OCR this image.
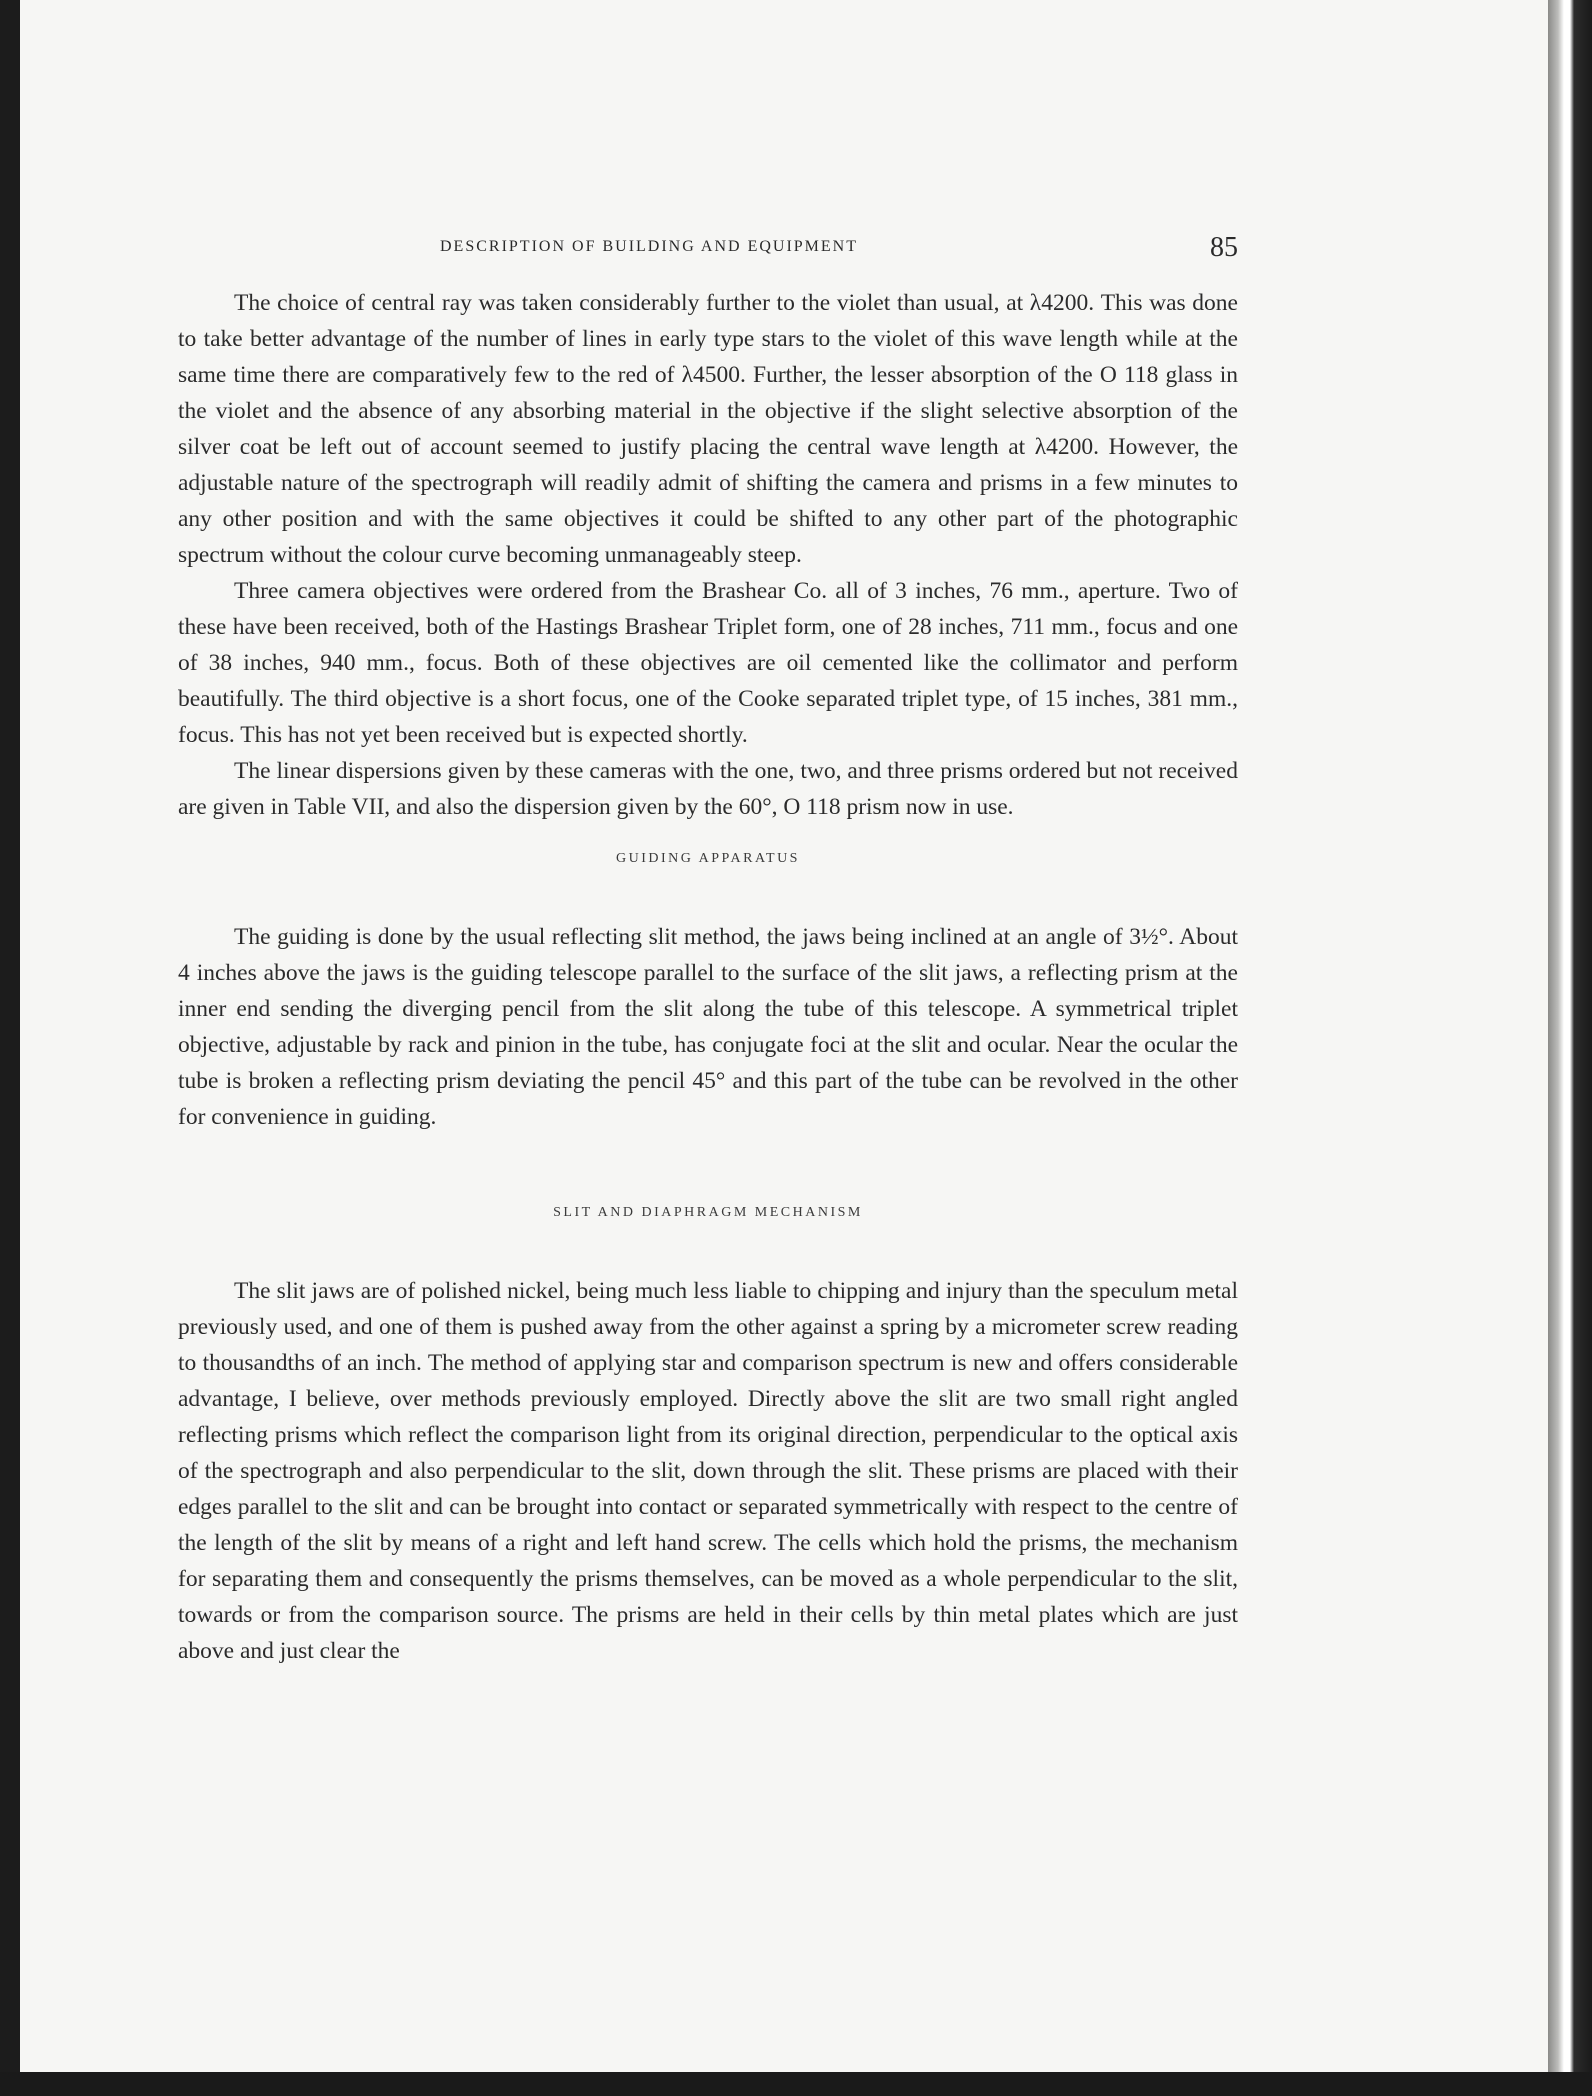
DESCRIPTION OF BUILDING AND EQUIPMENT	85

The choice of central ray was taken considerably further to the violet than usual, at λ4200. This was done to take better advantage of the number of lines in early type stars to the violet of this wave length while at the same time there are comparatively few to the red of λ4500. Further, the lesser absorption of the O 118 glass in the violet and the absence of any absorbing material in the objective if the slight selective absorption of the silver coat be left out of account seemed to justify placing the central wave length at λ4200. However, the adjustable nature of the spectrograph will readily admit of shifting the camera and prisms in a few minutes to any other position and with the same objectives it could be shifted to any other part of the photographic spectrum without the colour curve becoming unmanageably steep.

Three camera objectives were ordered from the Brashear Co. all of 3 inches, 76 mm., aperture. Two of these have been received, both of the Hastings Brashear Triplet form, one of 28 inches, 711 mm., focus and one of 38 inches, 940 mm., focus. Both of these objectives are oil cemented like the collimator and perform beautifully. The third objective is a short focus, one of the Cooke separated triplet type, of 15 inches, 381 mm., focus. This has not yet been received but is expected shortly.

The linear dispersions given by these cameras with the one, two, and three prisms ordered but not received are given in Table VII, and also the dispersion given by the 60°, O 118 prism now in use.

GUIDING APPARATUS

The guiding is done by the usual reflecting slit method, the jaws being inclined at an angle of 3½°. About 4 inches above the jaws is the guiding telescope parallel to the surface of the slit jaws, a reflecting prism at the inner end sending the diverging pencil from the slit along the tube of this telescope. A symmetrical triplet objective, adjustable by rack and pinion in the tube, has conjugate foci at the slit and ocular. Near the ocular the tube is broken a reflecting prism deviating the pencil 45° and this part of the tube can be revolved in the other for convenience in guiding.

SLIT AND DIAPHRAGM MECHANISM

The slit jaws are of polished nickel, being much less liable to chipping and injury than the speculum metal previously used, and one of them is pushed away from the other against a spring by a micrometer screw reading to thousandths of an inch. The method of applying star and comparison spectrum is new and offers considerable advantage, I believe, over methods previously employed. Directly above the slit are two small right angled reflecting prisms which reflect the comparison light from its original direction, perpendicular to the optical axis of the spectrograph and also perpendicular to the slit, down through the slit. These prisms are placed with their edges parallel to the slit and can be brought into contact or separated symmetrically with respect to the centre of the length of the slit by means of a right and left hand screw. The cells which hold the prisms, the mechanism for separating them and consequently the prisms themselves, can be moved as a whole perpendicular to the slit, towards or from the comparison source. The prisms are held in their cells by thin metal plates which are just above and just clear the
